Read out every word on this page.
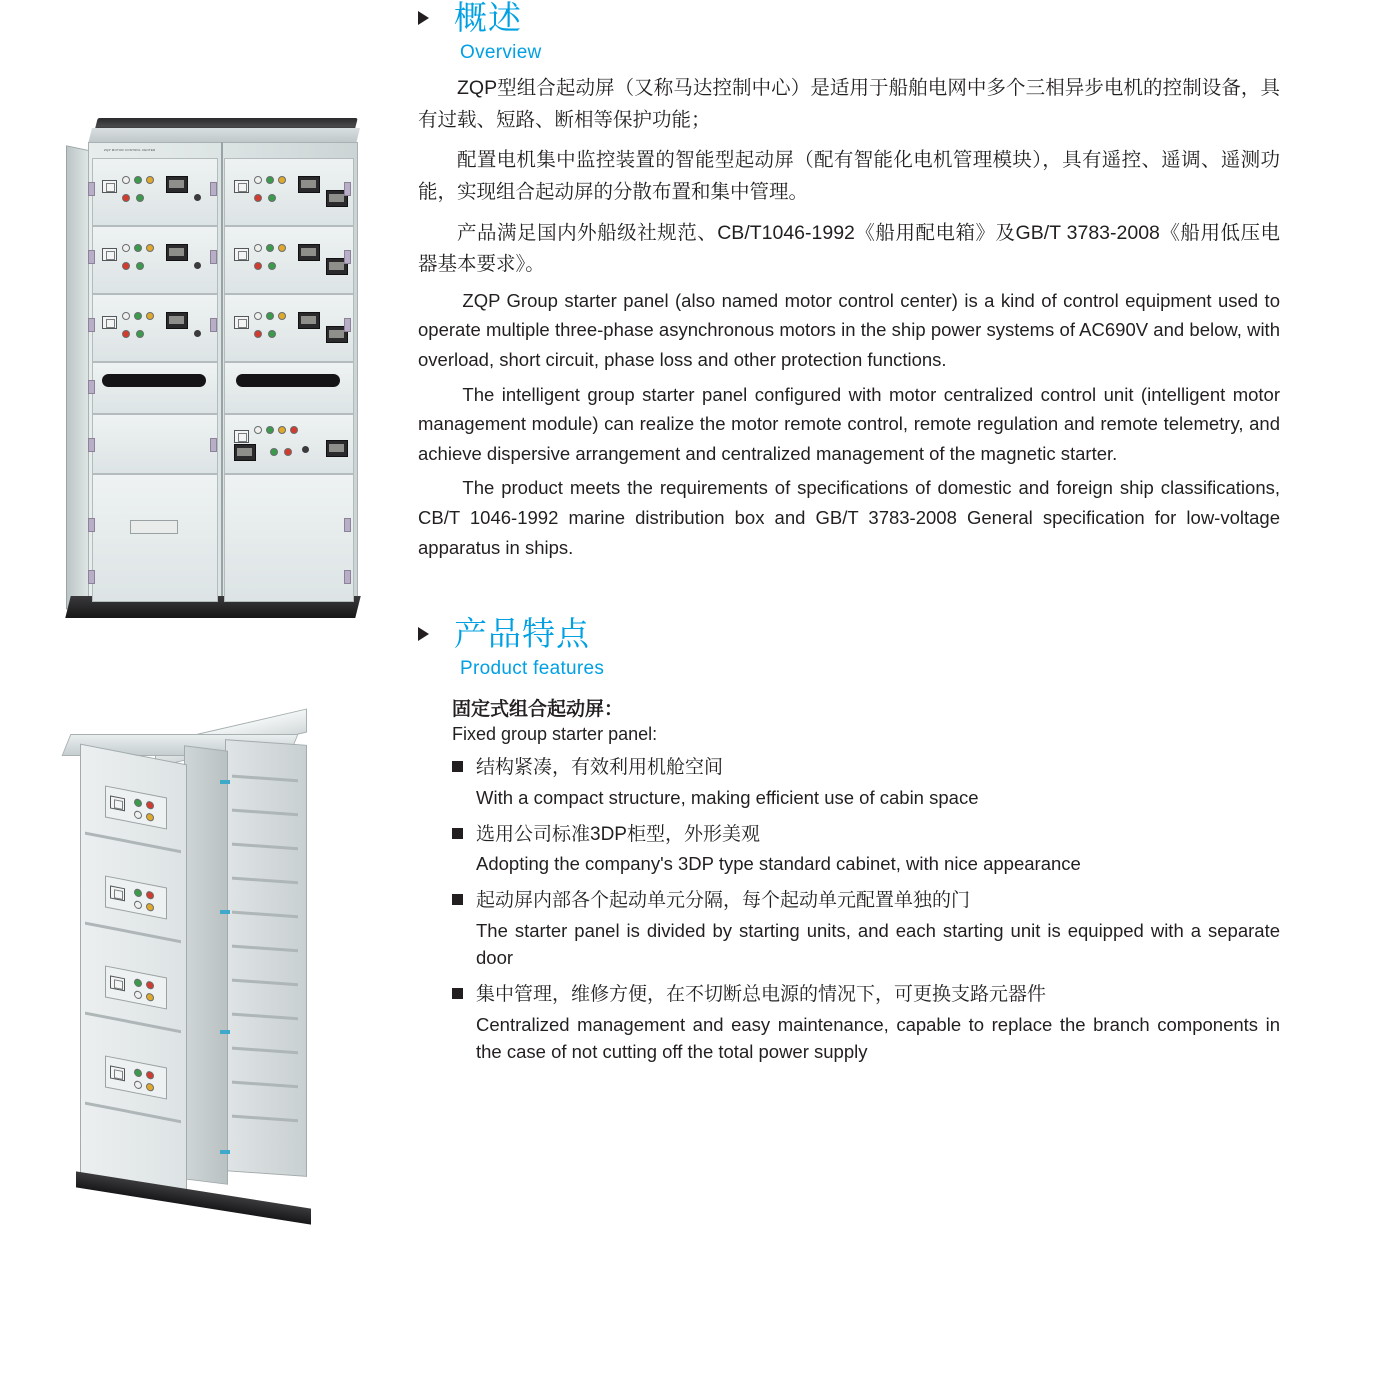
ZQP MOTOR CONTROL CENTER
概述
Overview

ZQP型组合起动屏（又称马达控制中心）是适用于船舶电网中多个三相异步电机的控制设备，具有过载、短路、断相等保护功能；

配置电机集中监控装置的智能型起动屏（配有智能化电机管理模块），具有遥控、遥调、遥测功能，实现组合起动屏的分散布置和集中管理。

产品满足国内外船级社规范、CB/T1046-1992《船用配电箱》及GB/T 3783-2008《船用低压电器基本要求》。

ZQP Group starter panel (also named motor control center) is a kind of control equipment used to operate multiple three-phase asynchronous motors in the ship power systems of AC690V and below, with overload, short circuit, phase loss and other protection functions.

The intelligent group starter panel configured with motor centralized control unit (intelligent motor management module) can realize the motor remote control, remote regulation and remote telemetry, and achieve dispersive arrangement and centralized management of the magnetic starter.

The product meets the requirements of specifications of domestic and foreign ship classifications, CB/T 1046-1992 marine distribution box and GB/T 3783-2008 General specification for low-voltage apparatus in ships.

产品特点
Product features
固定式组合起动屏：
Fixed group starter panel:
结构紧凑，有效利用机舱空间
With a compact structure, making efficient use of cabin space
选用公司标准3DP柜型，外形美观
Adopting the company's 3DP type standard cabinet, with nice appearance
起动屏内部各个起动单元分隔，每个起动单元配置单独的门
The starter panel is divided by starting units, and each starting unit is equipped with a separate door
集中管理，维修方便，在不切断总电源的情况下，可更换支路元器件
Centralized management and easy maintenance, capable to replace the branch components in the case of not cutting off the total power supply
